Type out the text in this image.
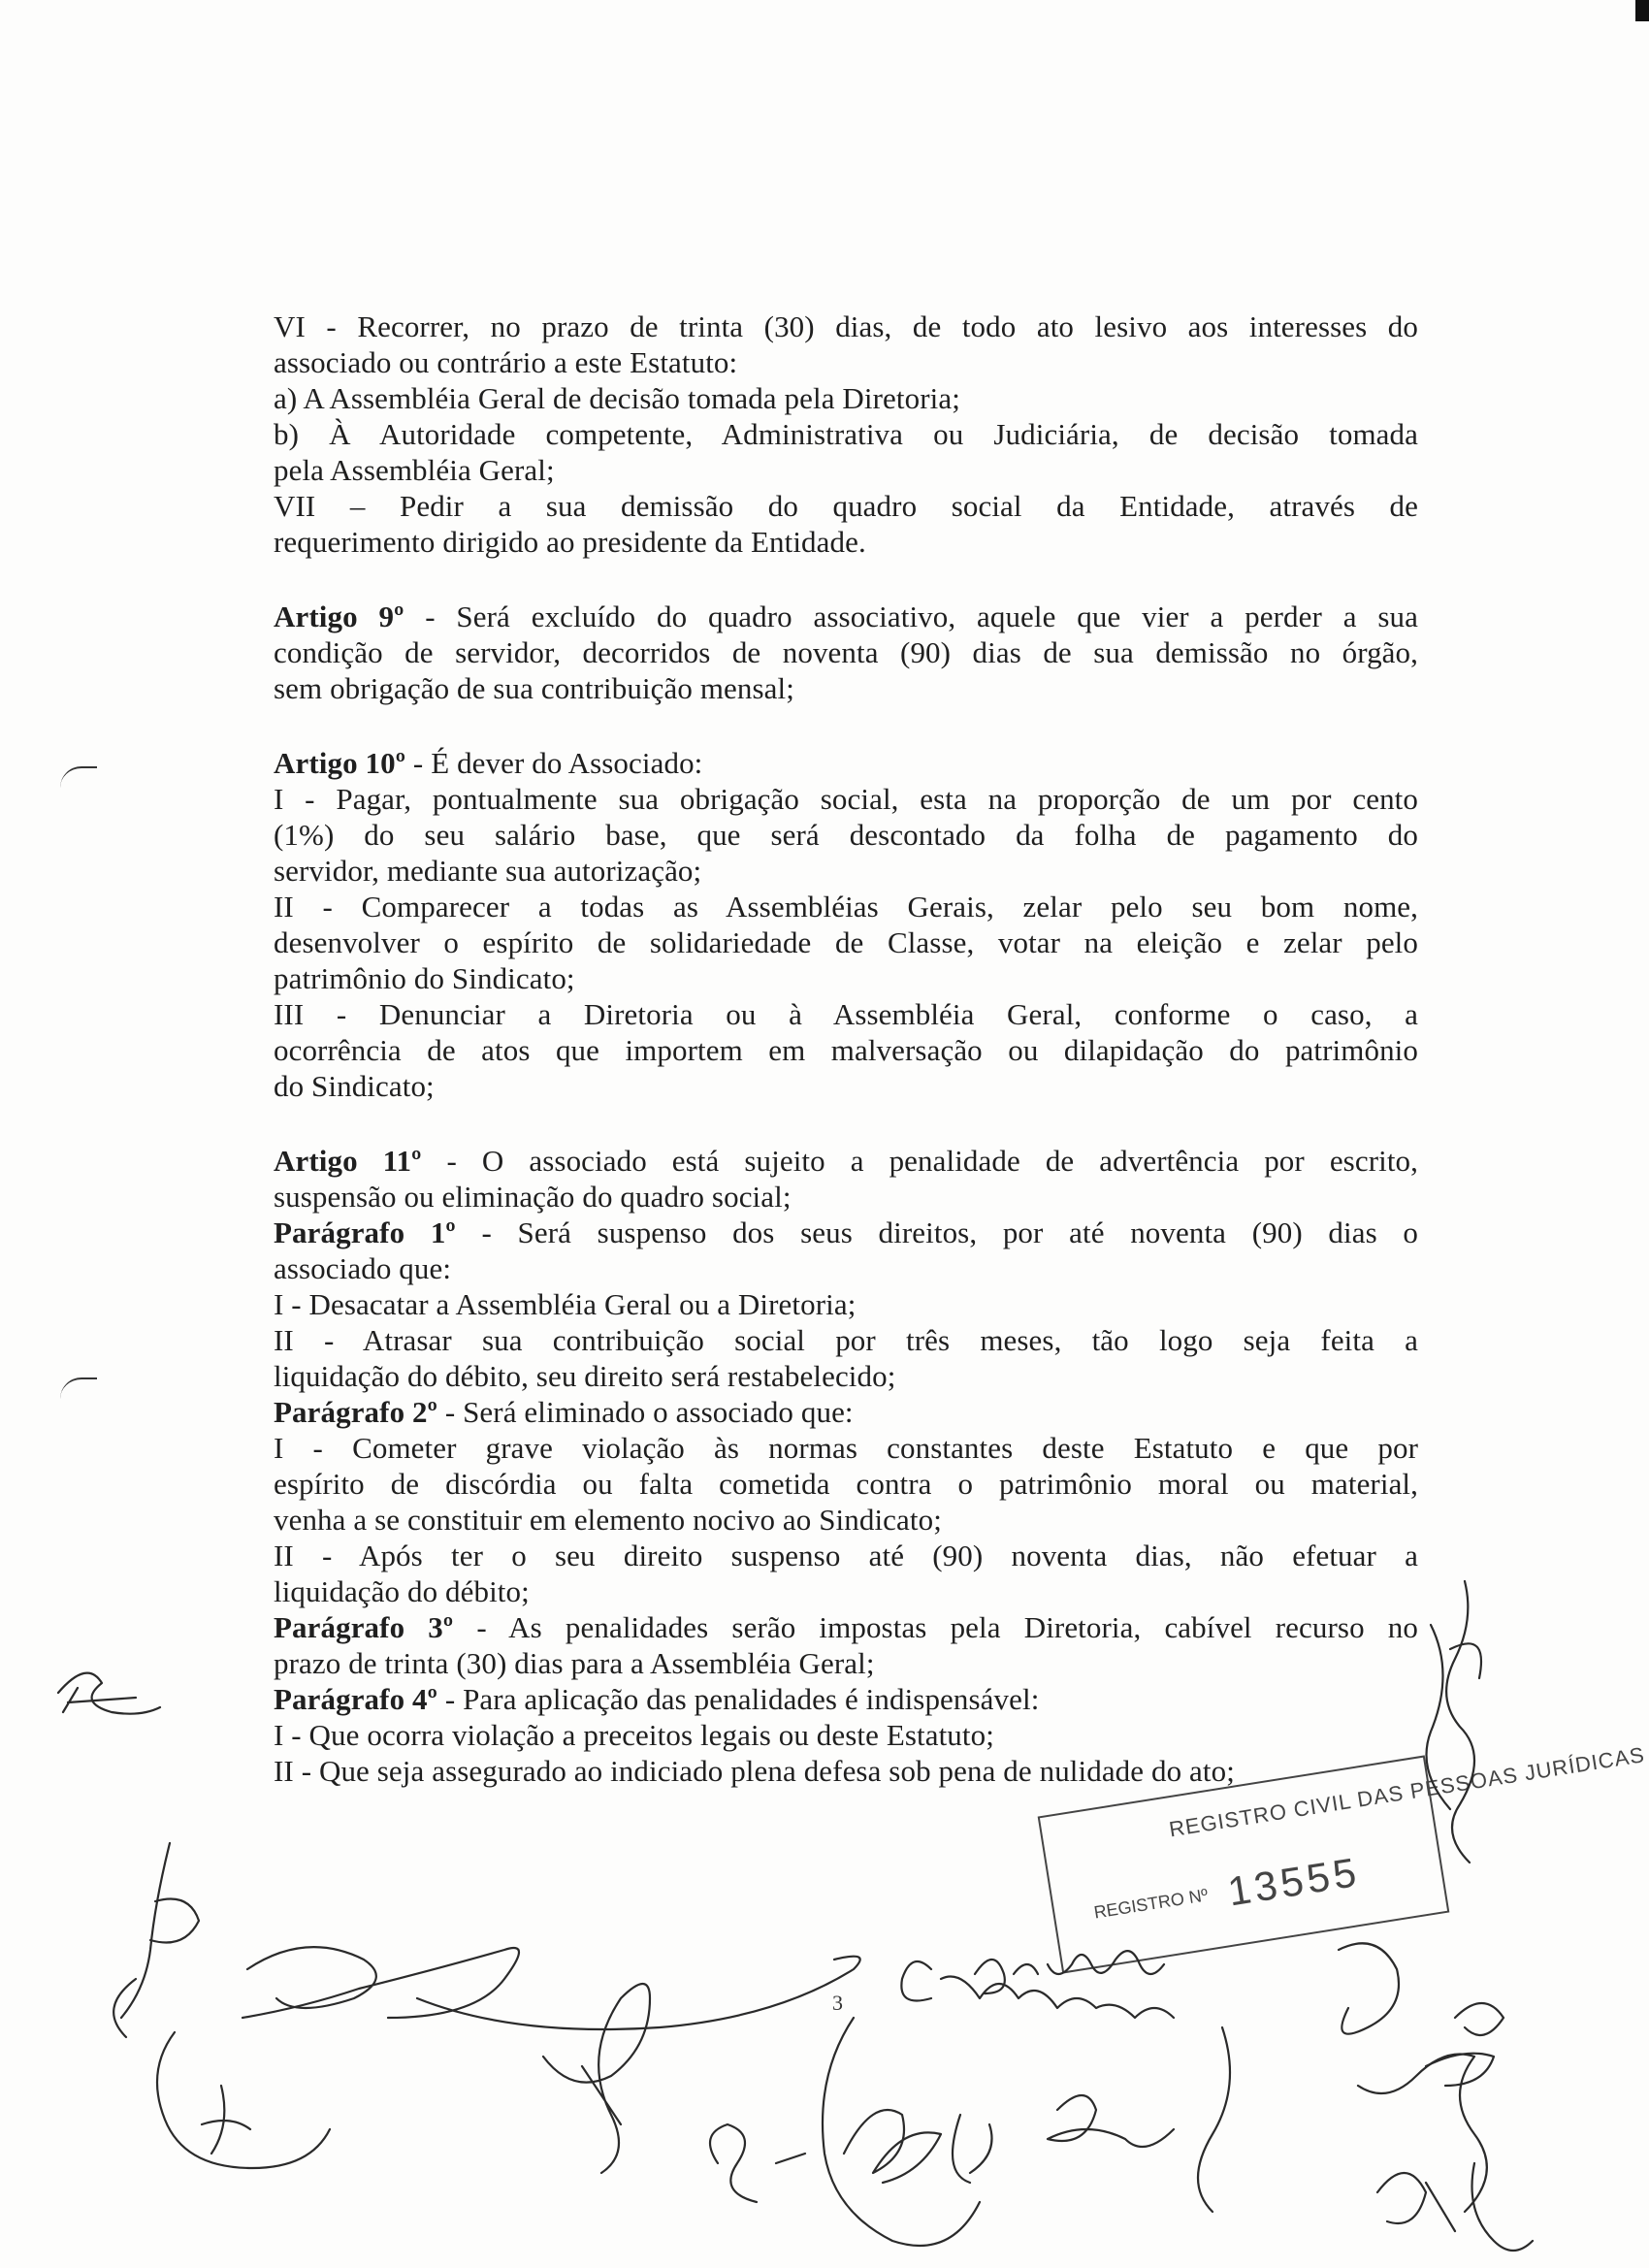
VI - Recorrer, no prazo de trinta (30) dias, de todo ato lesivo aos interesses do
associado ou contrário a este Estatuto:
a) A Assembléia Geral de decisão tomada pela Diretoria;
b) À Autoridade competente, Administrativa ou Judiciária, de decisão tomada
pela Assembléia Geral;
VII – Pedir a sua demissão do quadro social da Entidade, através de
requerimento dirigido ao presidente da Entidade.
Artigo 9º - Será excluído do quadro associativo, aquele que vier a perder a sua
condição de servidor, decorridos de noventa (90) dias de sua demissão no órgão,
sem obrigação de sua contribuição mensal;
Artigo 10º - É dever do Associado:
I - Pagar, pontualmente sua obrigação social, esta na proporção de um por cento
(1%) do seu salário base, que será descontado da folha de pagamento do
servidor, mediante sua autorização;
II - Comparecer a todas as Assembléias Gerais, zelar pelo seu bom nome,
desenvolver o espírito de solidariedade de Classe, votar na eleição e zelar pelo
patrimônio do Sindicato;
III - Denunciar a Diretoria ou à Assembléia Geral, conforme o caso, a
ocorrência de atos que importem em malversação ou dilapidação do patrimônio
do Sindicato;
Artigo 11º - O associado está sujeito a penalidade de advertência por escrito,
suspensão ou eliminação do quadro social;
Parágrafo 1º - Será suspenso dos seus direitos, por até noventa (90) dias o
associado que:
I - Desacatar a Assembléia Geral ou a Diretoria;
II - Atrasar sua contribuição social por três meses, tão logo seja feita a
liquidação do débito, seu direito será restabelecido;
Parágrafo 2º - Será eliminado o associado que:
I - Cometer grave violação às normas constantes deste Estatuto e que por
espírito de discórdia ou falta cometida contra o patrimônio moral ou material,
venha a se constituir em elemento nocivo ao Sindicato;
II - Após ter o seu direito suspenso até (90) noventa dias, não efetuar a
liquidação do débito;
Parágrafo 3º - As penalidades serão impostas pela Diretoria, cabível recurso no
prazo de trinta (30) dias para a Assembléia Geral;
Parágrafo 4º - Para aplicação das penalidades é indispensável:
I - Que ocorra violação a preceitos legais ou deste Estatuto;
II - Que seja assegurado ao indiciado plena defesa sob pena de nulidade do ato;
3
REGISTRO CIVIL DAS PESSOAS JURÍDICAS
REGISTRO Nº 13555
